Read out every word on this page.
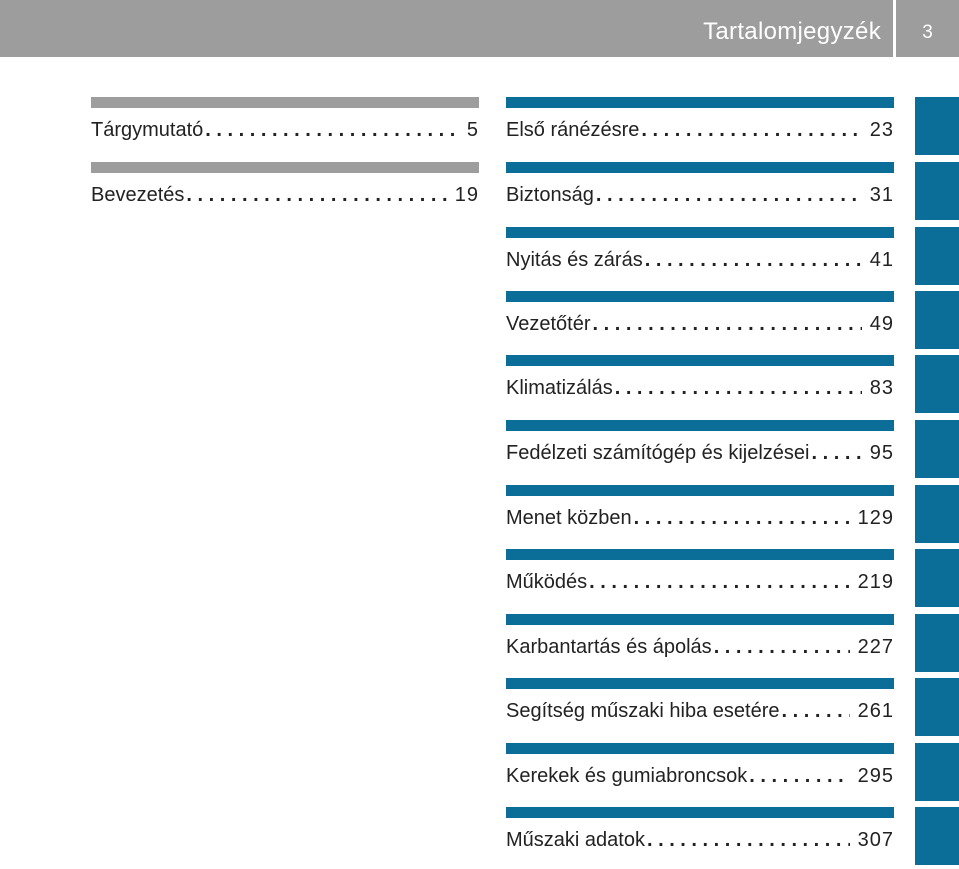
Tartalomjegyzék	3
Tárgymutató . . .	5
Bevezetés . . .	19
Első ránézésre . . .	23
Biztonság . . .	31
Nyitás és zárás . . .	41
Vezetőtér . . .	49
Klimatizálás . . .	83
Fedélzeti számítógép és kijelzései . . .	95
Menet közben . . .	129
Működés . . .	219
Karbantartás és ápolás . . .	227
Segítség műszaki hiba esetére . . .	261
Kerekek és gumiabroncsok . . .	295
Műszaki adatok . . .	307
